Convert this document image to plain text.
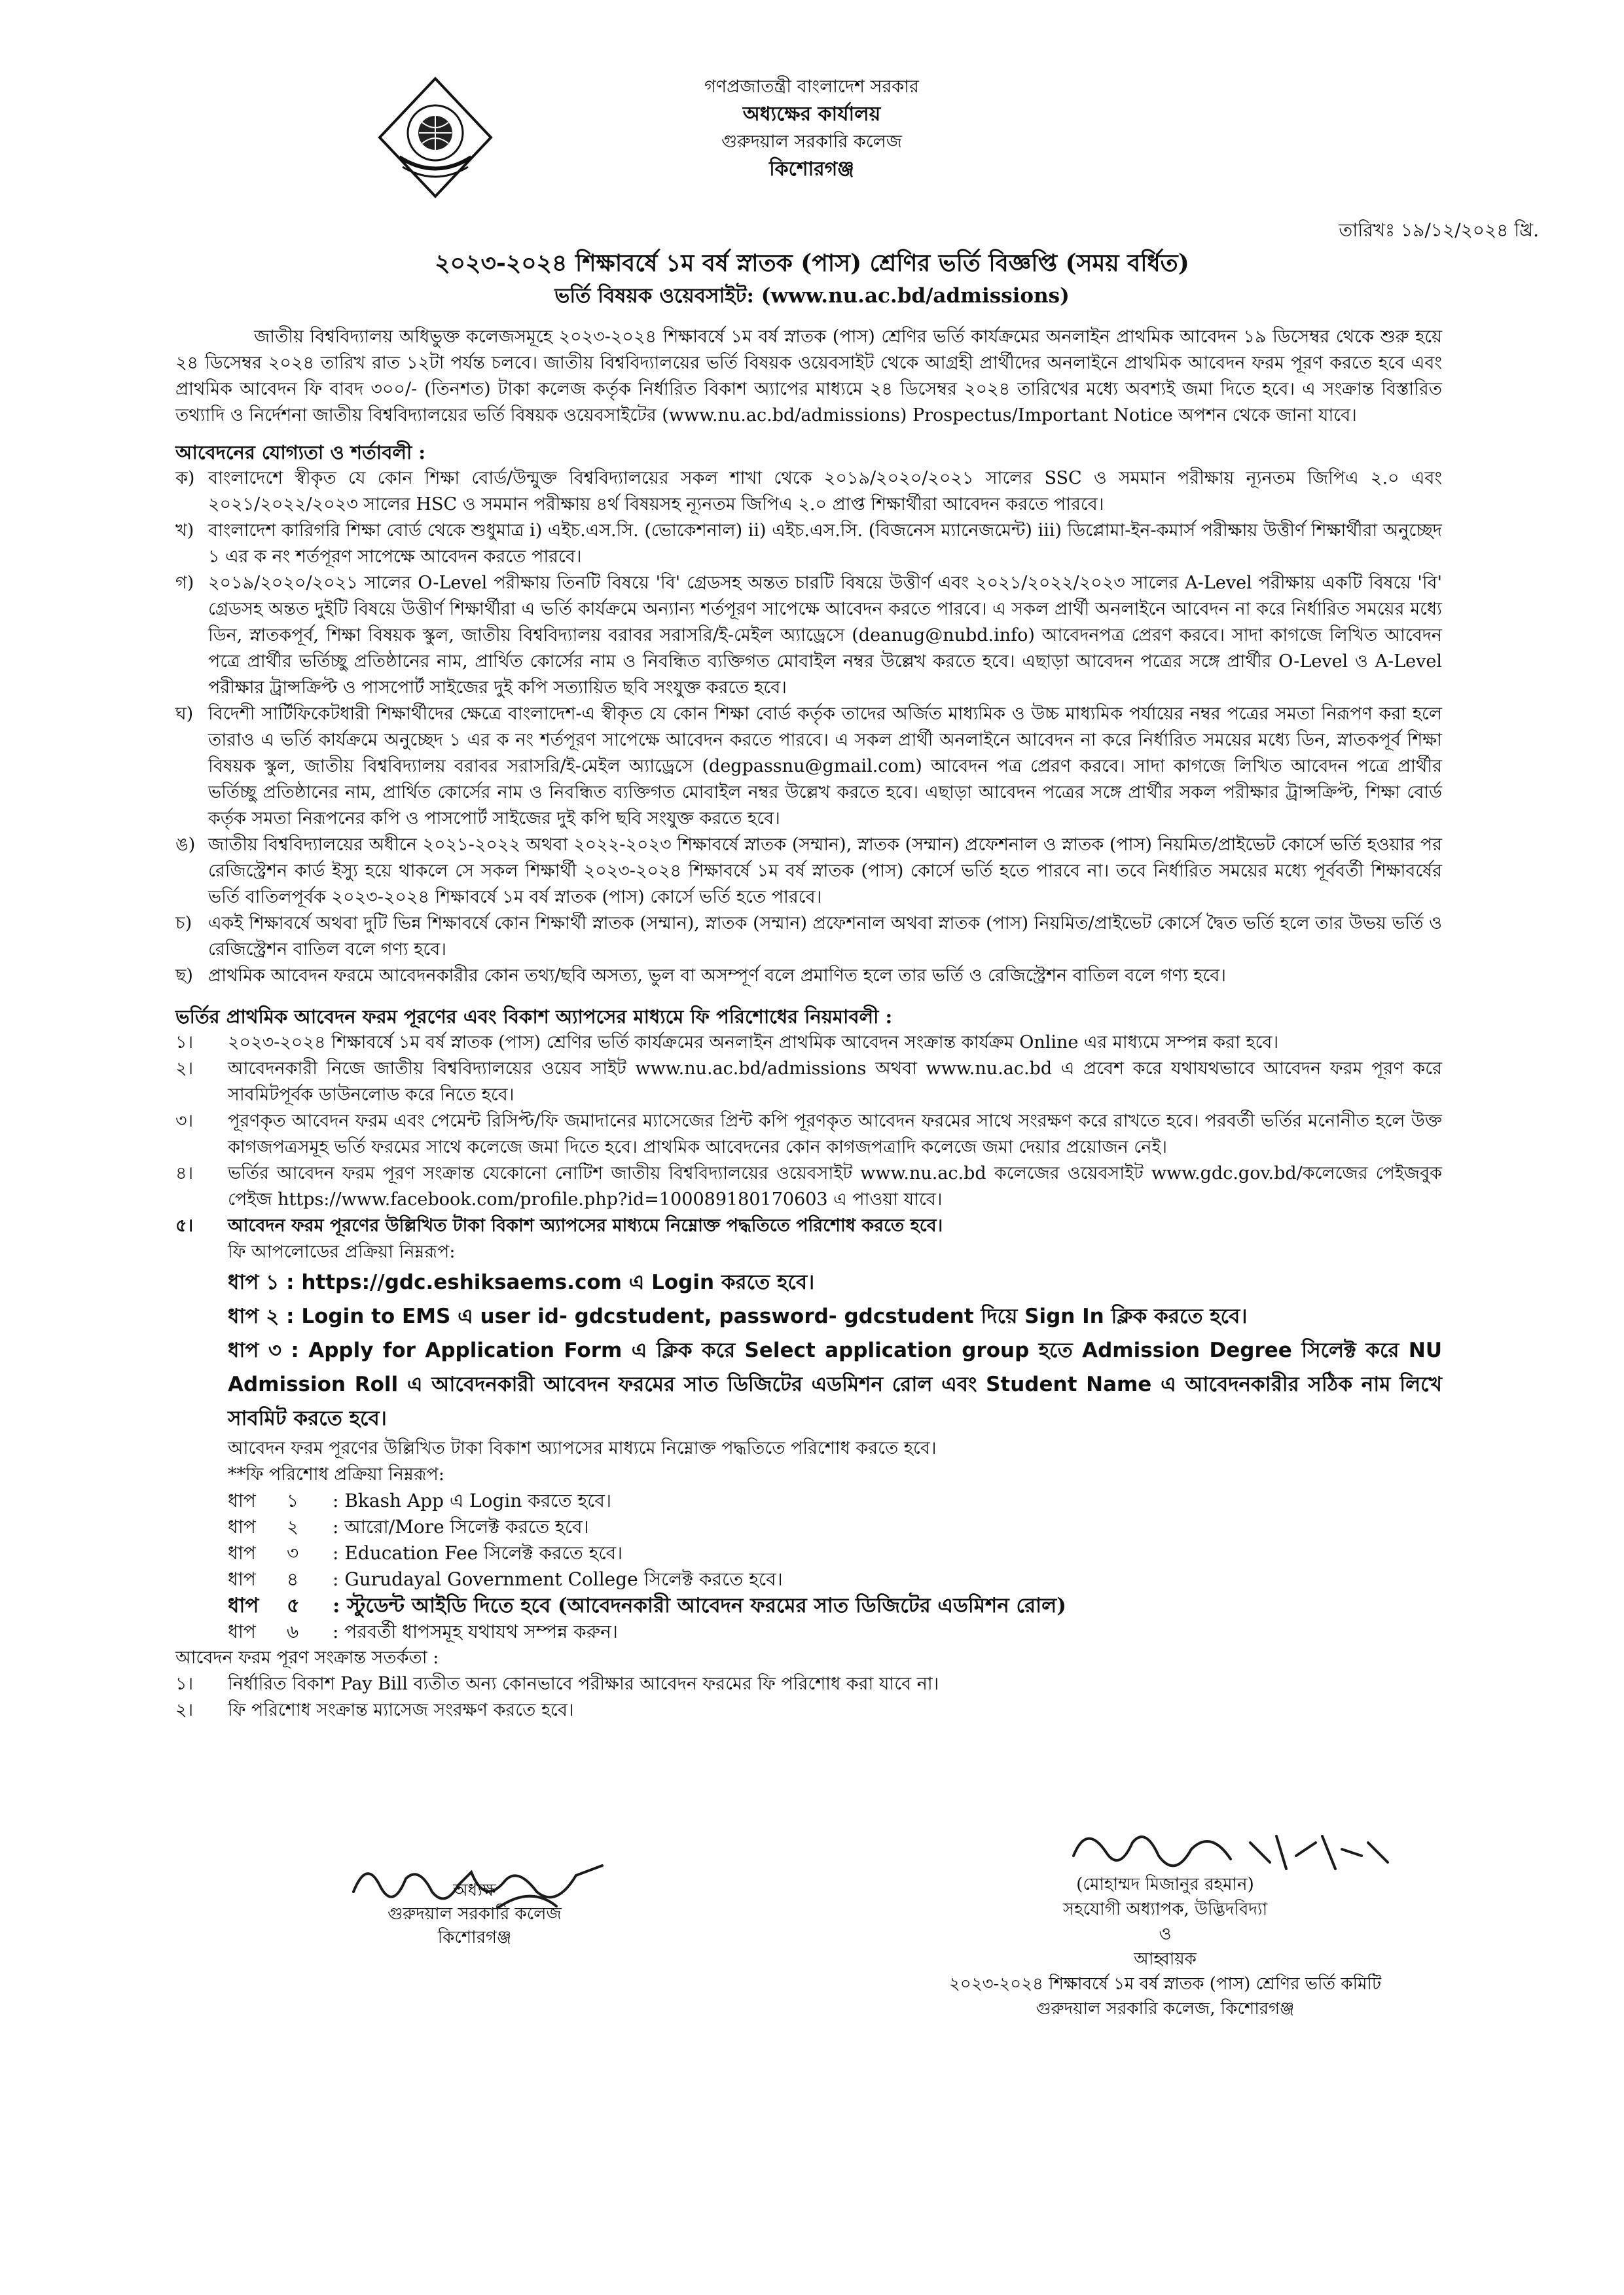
গণপ্রজাতন্ত্রী বাংলাদেশ সরকার
অধ্যক্ষের কার্যালয়
গুরুদয়াল সরকারি কলেজ
কিশোরগঞ্জ
তারিখঃ ১৯/১২/২০২৪ খ্রি.
২০২৩-২০২৪ শিক্ষাবর্ষে ১ম বর্ষ স্নাতক (পাস) শ্রেণির ভর্তি বিজ্ঞপ্তি (সময় বর্ধিত)
ভর্তি বিষয়ক ওয়েবসাইট: (www.nu.ac.bd/admissions)

জাতীয় বিশ্ববিদ্যালয় অধিভুক্ত কলেজসমূহে ২০২৩-২০২৪ শিক্ষাবর্ষে ১ম বর্ষ স্নাতক (পাস) শ্রেণির ভর্তি কার্যক্রমের অনলাইন প্রাথমিক আবেদন ১৯ ডিসেম্বর থেকে শুরু হয়ে ২৪ ডিসেম্বর ২০২৪ তারিখ রাত ১২টা পর্যন্ত চলবে। জাতীয় বিশ্ববিদ্যালয়ের ভর্তি বিষয়ক ওয়েবসাইট থেকে আগ্রহী প্রার্থীদের অনলাইনে প্রাথমিক আবেদন ফরম পূরণ করতে হবে এবং প্রাথমিক আবেদন ফি বাবদ ৩০০/- (তিনশত) টাকা কলেজ কর্তৃক নির্ধারিত বিকাশ অ্যাপের মাধ্যমে ২৪ ডিসেম্বর ২০২৪ তারিখের মধ্যে অবশ্যই জমা দিতে হবে। এ সংক্রান্ত বিস্তারিত তথ্যাদি ও নির্দেশনা জাতীয় বিশ্ববিদ্যালয়ের ভর্তি বিষয়ক ওয়েবসাইটের (www.nu.ac.bd/admissions) Prospectus/Important Notice অপশন থেকে জানা যাবে।

আবেদনের যোগ্যতা ও শর্তাবলী :

ক) বাংলাদেশে স্বীকৃত যে কোন শিক্ষা বোর্ড/উন্মুক্ত বিশ্ববিদ্যালয়ের সকল শাখা থেকে ২০১৯/২০২০/২০২১ সালের SSC ও সমমান পরীক্ষায় ন্যূনতম জিপিএ ২.০ এবং ২০২১/২০২২/২০২৩ সালের HSC ও সমমান পরীক্ষায় ৪র্থ বিষয়সহ ন্যূনতম জিপিএ ২.০ প্রাপ্ত শিক্ষার্থীরা আবেদন করতে পারবে।
খ) বাংলাদেশ কারিগরি শিক্ষা বোর্ড থেকে শুধুমাত্র i) এইচ.এস.সি. (ভোকেশনাল) ii) এইচ.এস.সি. (বিজনেস ম্যানেজমেন্ট) iii) ডিপ্লোমা-ইন-কমার্স পরীক্ষায় উত্তীর্ণ শিক্ষার্থীরা অনুচ্ছেদ ১ এর ক নং শর্তপূরণ সাপেক্ষে আবেদন করতে পারবে।
গ) ২০১৯/২০২০/২০২১ সালের O-Level পরীক্ষায় তিনটি বিষয়ে 'বি' গ্রেডসহ অন্তত চারটি বিষয়ে উত্তীর্ণ এবং ২০২১/২০২২/২০২৩ সালের A-Level পরীক্ষায় একটি বিষয়ে 'বি' গ্রেডসহ অন্তত দুইটি বিষয়ে উত্তীর্ণ শিক্ষার্থীরা এ ভর্তি কার্যক্রমে অন্যান্য শর্তপূরণ সাপেক্ষে আবেদন করতে পারবে। এ সকল প্রার্থী অনলাইনে আবেদন না করে নির্ধারিত সময়ের মধ্যে ডিন, স্নাতকপূর্ব, শিক্ষা বিষয়ক স্কুল, জাতীয় বিশ্ববিদ্যালয় বরাবর সরাসরি/ই-মেইল অ্যাড্রেসে (deanug@nubd.info) আবেদনপত্র প্রেরণ করবে। সাদা কাগজে লিখিত আবেদন পত্রে প্রার্থীর ভর্তিচ্ছু প্রতিষ্ঠানের নাম, প্রার্থিত কোর্সের নাম ও নিবন্ধিত ব্যক্তিগত মোবাইল নম্বর উল্লেখ করতে হবে। এছাড়া আবেদন পত্রের সঙ্গে প্রার্থীর O-Level ও A-Level পরীক্ষার ট্রান্সক্রিপ্ট ও পাসপোর্ট সাইজের দুই কপি সত্যায়িত ছবি সংযুক্ত করতে হবে।
ঘ) বিদেশী সার্টিফিকেটধারী শিক্ষার্থীদের ক্ষেত্রে বাংলাদেশ-এ স্বীকৃত যে কোন শিক্ষা বোর্ড কর্তৃক তাদের অর্জিত মাধ্যমিক ও উচ্চ মাধ্যমিক পর্যায়ের নম্বর পত্রের সমতা নিরূপণ করা হলে তারাও এ ভর্তি কার্যক্রমে অনুচ্ছেদ ১ এর ক নং শর্তপূরণ সাপেক্ষে আবেদন করতে পারবে। এ সকল প্রার্থী অনলাইনে আবেদন না করে নির্ধারিত সময়ের মধ্যে ডিন, স্নাতকপূর্ব শিক্ষা বিষয়ক স্কুল, জাতীয় বিশ্ববিদ্যালয় বরাবর সরাসরি/ই-মেইল অ্যাড্রেসে (degpassnu@gmail.com) আবেদন পত্র প্রেরণ করবে। সাদা কাগজে লিখিত আবেদন পত্রে প্রার্থীর ভর্তিচ্ছু প্রতিষ্ঠানের নাম, প্রার্থিত কোর্সের নাম ও নিবন্ধিত ব্যক্তিগত মোবাইল নম্বর উল্লেখ করতে হবে। এছাড়া আবেদন পত্রের সঙ্গে প্রার্থীর সকল পরীক্ষার ট্রান্সক্রিপ্ট, শিক্ষা বোর্ড কর্তৃক সমতা নিরূপনের কপি ও পাসপোর্ট সাইজের দুই কপি ছবি সংযুক্ত করতে হবে।
ঙ) জাতীয় বিশ্ববিদ্যালয়ের অধীনে ২০২১-২০২২ অথবা ২০২২-২০২৩ শিক্ষাবর্ষে স্নাতক (সম্মান), স্নাতক (সম্মান) প্রফেশনাল ও স্নাতক (পাস) নিয়মিত/প্রাইভেট কোর্সে ভর্তি হওয়ার পর রেজিস্ট্রেশন কার্ড ইস্যু হয়ে থাকলে সে সকল শিক্ষার্থী ২০২৩-২০২৪ শিক্ষাবর্ষে ১ম বর্ষ স্নাতক (পাস) কোর্সে ভর্তি হতে পারবে না। তবে নির্ধারিত সময়ের মধ্যে পূর্ববর্তী শিক্ষাবর্ষের ভর্তি বাতিলপূর্বক ২০২৩-২০২৪ শিক্ষাবর্ষে ১ম বর্ষ স্নাতক (পাস) কোর্সে ভর্তি হতে পারবে।
চ) একই শিক্ষাবর্ষে অথবা দুটি ভিন্ন শিক্ষাবর্ষে কোন শিক্ষার্থী স্নাতক (সম্মান), স্নাতক (সম্মান) প্রফেশনাল অথবা স্নাতক (পাস) নিয়মিত/প্রাইভেট কোর্সে দ্বৈত ভর্তি হলে তার উভয় ভর্তি ও রেজিস্ট্রেশন বাতিল বলে গণ্য হবে।
ছ) প্রাথমিক আবেদন ফরমে আবেদনকারীর কোন তথ্য/ছবি অসত্য, ভুল বা অসম্পূর্ণ বলে প্রমাণিত হলে তার ভর্তি ও রেজিস্ট্রেশন বাতিল বলে গণ্য হবে।

ভর্তির প্রাথমিক আবেদন ফরম পূরণের এবং বিকাশ অ্যাপসের মাধ্যমে ফি পরিশোধের নিয়মাবলী :

১।	২০২৩-২০২৪ শিক্ষাবর্ষে ১ম বর্ষ স্নাতক (পাস) শ্রেণির ভর্তি কার্যক্রমের অনলাইন প্রাথমিক আবেদন সংক্রান্ত কার্যক্রম Online এর মাধ্যমে সম্পন্ন করা হবে।
২।	আবেদনকারী নিজে জাতীয় বিশ্ববিদ্যালয়ের ওয়েব সাইট www.nu.ac.bd/admissions অথবা www.nu.ac.bd এ প্রবেশ করে যথাযথভাবে আবেদন ফরম পূরণ করে সাবমিটপূর্বক ডাউনলোড করে নিতে হবে।
৩।	পূরণকৃত আবেদন ফরম এবং পেমেন্ট রিসিপ্ট/ফি জমাদানের ম্যাসেজের প্রিন্ট কপি পূরণকৃত আবেদন ফরমের সাথে সংরক্ষণ করে রাখতে হবে। পরবর্তী ভর্তির মনোনীত হলে উক্ত কাগজপত্রসমূহ ভর্তি ফরমের সাথে কলেজে জমা দিতে হবে। প্রাথমিক আবেদনের কোন কাগজপত্রাদি কলেজে জমা দেয়ার প্রয়োজন নেই।
৪।	ভর্তির আবেদন ফরম পূরণ সংক্রান্ত যেকোনো নোটিশ জাতীয় বিশ্ববিদ্যালয়ের ওয়েবসাইট www.nu.ac.bd কলেজের ওয়েবসাইট www.gdc.gov.bd/কলেজের পেইজবুক পেইজ https://www.facebook.com/profile.php?id=100089180170603 এ পাওয়া যাবে।
৫।	আবেদন ফরম পূরণের উল্লিখিত টাকা বিকাশ অ্যাপসের মাধ্যমে নিম্নোক্ত পদ্ধতিতে পরিশোধ করতে হবে।

ফি আপলোডের প্রক্রিয়া নিম্নরূপ:

ধাপ ১ : https://gdc.eshiksaems.com এ Login করতে হবে।

ধাপ ২ : Login to EMS এ user id- gdcstudent, password- gdcstudent দিয়ে Sign In ক্লিক করতে হবে।

ধাপ ৩ : Apply for Application Form এ ক্লিক করে Select application group হতে Admission Degree সিলেক্ট করে NU Admission Roll এ আবেদনকারী আবেদন ফরমের সাত ডিজিটের এডমিশন রোল এবং Student Name এ আবেদনকারীর সঠিক নাম লিখে সাবমিট করতে হবে।

আবেদন ফরম পূরণের উল্লিখিত টাকা বিকাশ অ্যাপসের মাধ্যমে নিম্নোক্ত পদ্ধতিতে পরিশোধ করতে হবে।

**ফি পরিশোধ প্রক্রিয়া নিম্নরূপ:

ধাপ ১ : Bkash App এ Login করতে হবে।
ধাপ ২ : আরো/More সিলেক্ট করতে হবে।
ধাপ ৩ : Education Fee সিলেক্ট করতে হবে।
ধাপ ৪ : Gurudayal Government College সিলেক্ট করতে হবে।
ধাপ ৫ : স্টুডেন্ট আইডি দিতে হবে (আবেদনকারী আবেদন ফরমের সাত ডিজিটের এডমিশন রোল)
ধাপ ৬ : পরবর্তী ধাপসমূহ যথাযথ সম্পন্ন করুন।

আবেদন ফরম পূরণ সংক্রান্ত সতর্কতা :

১।	নির্ধারিত বিকাশ Pay Bill ব্যতীত অন্য কোনভাবে পরীক্ষার আবেদন ফরমের ফি পরিশোধ করা যাবে না।
২।	ফি পরিশোধ সংক্রান্ত ম্যাসেজ সংরক্ষণ করতে হবে।
অধ্যক্ষ
গুরুদয়াল সরকারি কলেজ
কিশোরগঞ্জ
(মোহাম্মদ মিজানুর রহমান)
সহযোগী অধ্যাপক, উদ্ভিদবিদ্যা
ও
আহ্বায়ক
২০২৩-২০২৪ শিক্ষাবর্ষে ১ম বর্ষ স্নাতক (পাস) শ্রেণির ভর্তি কমিটি
গুরুদয়াল সরকারি কলেজ, কিশোরগঞ্জ
